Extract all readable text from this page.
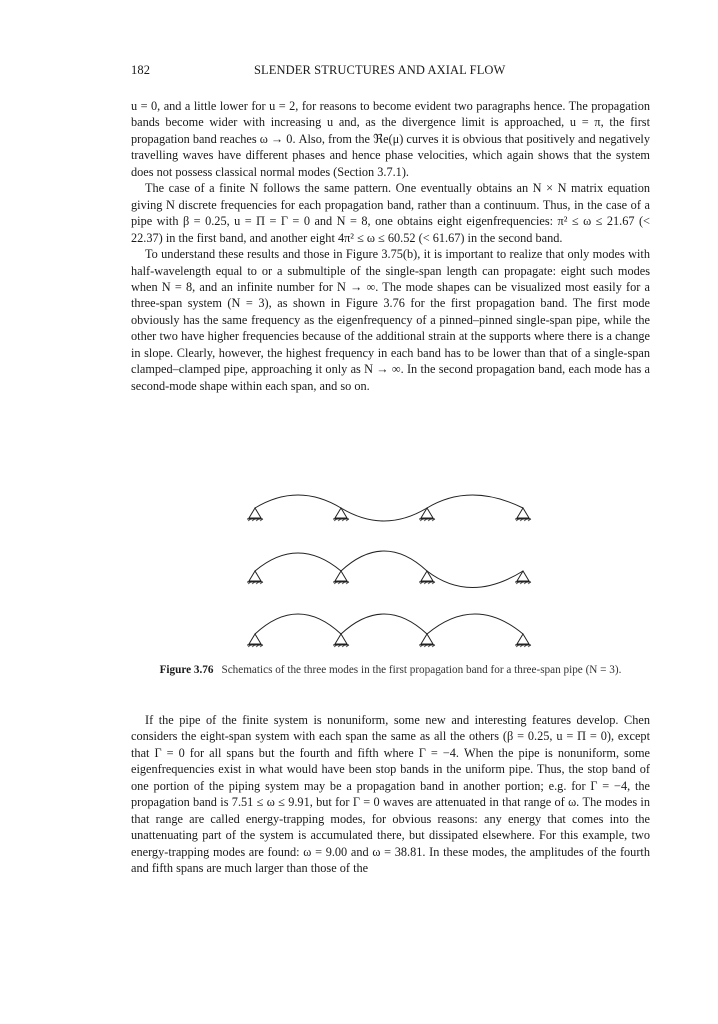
182	SLENDER STRUCTURES AND AXIAL FLOW

u = 0, and a little lower for u = 2, for reasons to become evident two paragraphs hence. The propagation bands become wider with increasing u and, as the divergence limit is approached, u = π, the first propagation band reaches ω → 0. Also, from the ℜe(μ) curves it is obvious that positively and negatively travelling waves have different phases and hence phase velocities, which again shows that the system does not possess classical normal modes (Section 3.7.1).

The case of a finite N follows the same pattern. One eventually obtains an N × N matrix equation giving N discrete frequencies for each propagation band, rather than a continuum. Thus, in the case of a pipe with β = 0.25, u = Π = Γ = 0 and N = 8, one obtains eight eigenfrequencies: π² ≤ ω ≤ 21.67 (< 22.37) in the first band, and another eight 4π² ≤ ω ≤ 60.52 (< 61.67) in the second band.

To understand these results and those in Figure 3.75(b), it is important to realize that only modes with half-wavelength equal to or a submultiple of the single-span length can propagate: eight such modes when N = 8, and an infinite number for N → ∞. The mode shapes can be visualized most easily for a three-span system (N = 3), as shown in Figure 3.76 for the first propagation band. The first mode obviously has the same frequency as the eigenfrequency of a pinned–pinned single-span pipe, while the other two have higher frequencies because of the additional strain at the supports where there is a change in slope. Clearly, however, the highest frequency in each band has to be lower than that of a single-span clamped–clamped pipe, approaching it only as N → ∞. In the second propagation band, each mode has a second-mode shape within each span, and so on.

Figure 3.76 Schematics of the three modes in the first propagation band for a three-span pipe (N = 3).

If the pipe of the finite system is nonuniform, some new and interesting features develop. Chen considers the eight-span system with each span the same as all the others (β = 0.25, u = Π = 0), except that Γ = 0 for all spans but the fourth and fifth where Γ = −4. When the pipe is nonuniform, some eigenfrequencies exist in what would have been stop bands in the uniform pipe. Thus, the stop band of one portion of the piping system may be a propagation band in another portion; e.g. for Γ = −4, the propagation band is 7.51 ≤ ω ≤ 9.91, but for Γ = 0 waves are attenuated in that range of ω. The modes in that range are called energy-trapping modes, for obvious reasons: any energy that comes into the unattenuating part of the system is accumulated there, but dissipated elsewhere. For this example, two energy-trapping modes are found: ω = 9.00 and ω = 38.81. In these modes, the amplitudes of the fourth and fifth spans are much larger than those of the
